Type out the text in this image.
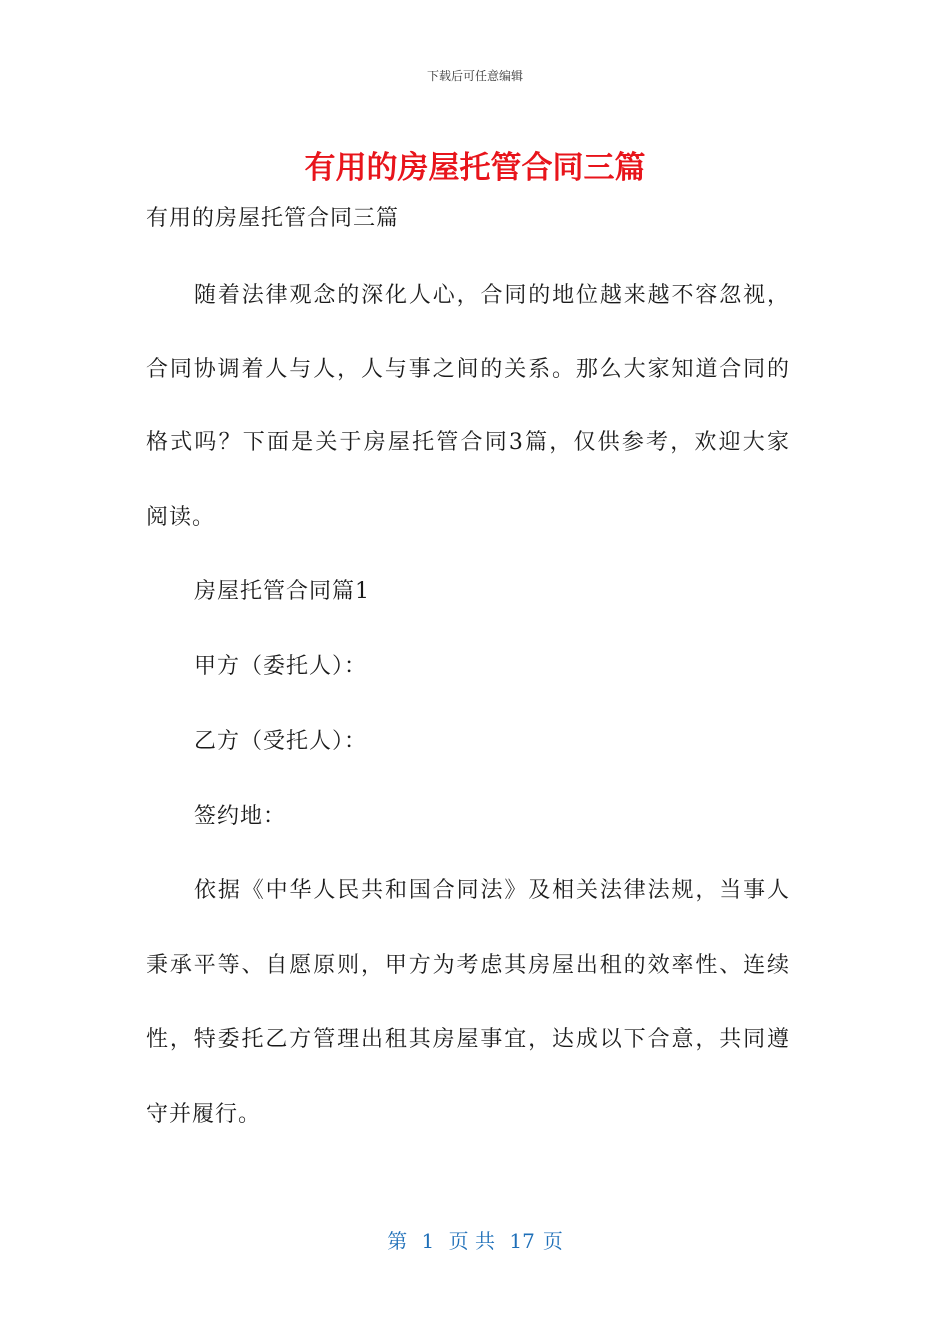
下载后可任意编辑
有用的房屋托管合同三篇
有用的房屋托管合同三篇
随着法律观念的深化人心，合同的地位越来越不容忽视，
合同协调着人与人，人与事之间的关系。那么大家知道合同的
格式吗？下面是关于房屋托管合同3篇，仅供参考，欢迎大家
阅读。
房屋托管合同篇1
甲方（委托人）：
乙方（受托人）：
签约地：
依据《中华人民共和国合同法》及相关法律法规，当事人
秉承平等、自愿原则，甲方为考虑其房屋出租的效率性、连续
性，特委托乙方管理出租其房屋事宜，达成以下合意，共同遵
守并履行。
第 1 页 共 17 页
